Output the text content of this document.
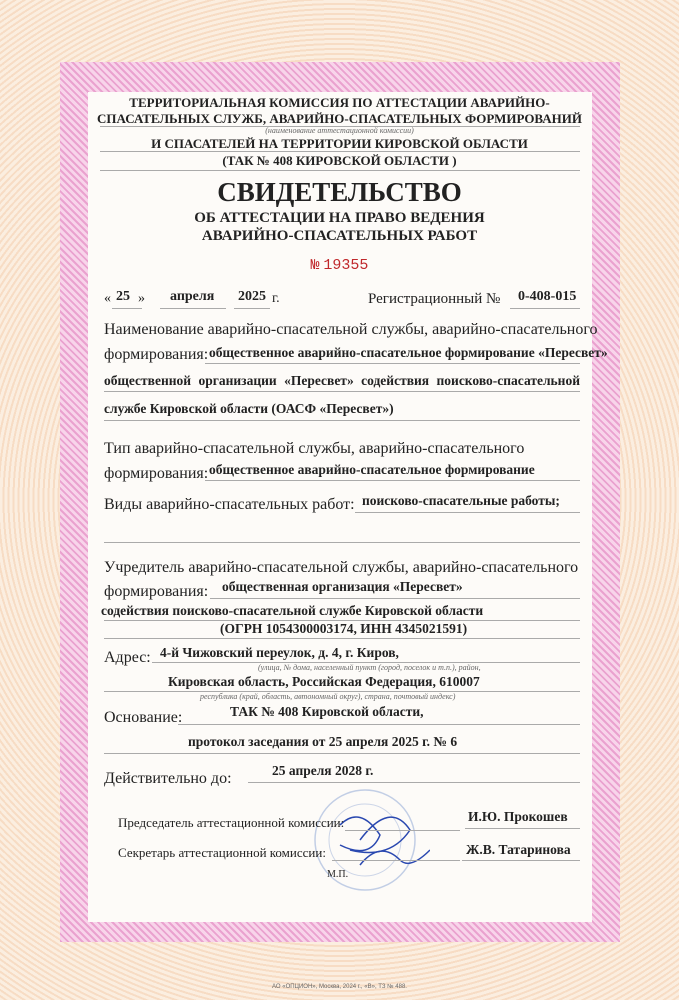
ТЕРРИТОРИАЛЬНАЯ КОМИССИЯ ПО АТТЕСТАЦИИ АВАРИЙНО-
СПАСАТЕЛЬНЫХ СЛУЖБ, АВАРИЙНО-СПАСАТЕЛЬНЫХ ФОРМИРОВАНИЙ
(наименование аттестационной комиссии)
И СПАСАТЕЛЕЙ НА ТЕРРИТОРИИ КИРОВСКОЙ ОБЛАСТИ
(ТАК № 408 КИРОВСКОЙ ОБЛАСТИ )
СВИДЕТЕЛЬСТВО
ОБ АТТЕСТАЦИИ НА ПРАВО ВЕДЕНИЯ
АВАРИЙНО-СПАСАТЕЛЬНЫХ РАБОТ
№ 19355
« 25 » апреля 2025 г.	Регистрационный № 0-408-015
Наименование аварийно-спасательной службы, аварийно-спасательного
формирования: общественное аварийно-спасательное формирование «Пересвет»
общественной организации «Пересвет» содействия поисково-спасательной
службе Кировской области (ОАСФ «Пересвет»)
Тип аварийно-спасательной службы, аварийно-спасательного
формирования: общественное аварийно-спасательное формирование
Виды аварийно-спасательных работ: поисково-спасательные работы;
Учредитель аварийно-спасательной службы, аварийно-спасательного
формирования: общественная организация «Пересвет»
содействия поисково-спасательной службе Кировской области
(ОГРН 1054300003174, ИНН 4345021591)
Адрес: 4-й Чижовский переулок, д. 4, г. Киров,
(улица, № дома, населенный пункт (город, поселок и т.п.), район,
Кировская область, Российская Федерация, 610007
республика (край, область, автономный округ), страна, почтовый индекс)
Основание:	ТАК № 408 Кировской области,
протокол заседания от 25 апреля 2025 г. № 6
Действительно до:	25 апреля 2028 г.
Председатель аттестационной комиссии:	И.Ю. Прокошев
Секретарь аттестационной комиссии:	Ж.В. Татаринова
М.П.
АО «ОПЦИОН», Москва, 2024 г., «В», ТЗ № 488.
